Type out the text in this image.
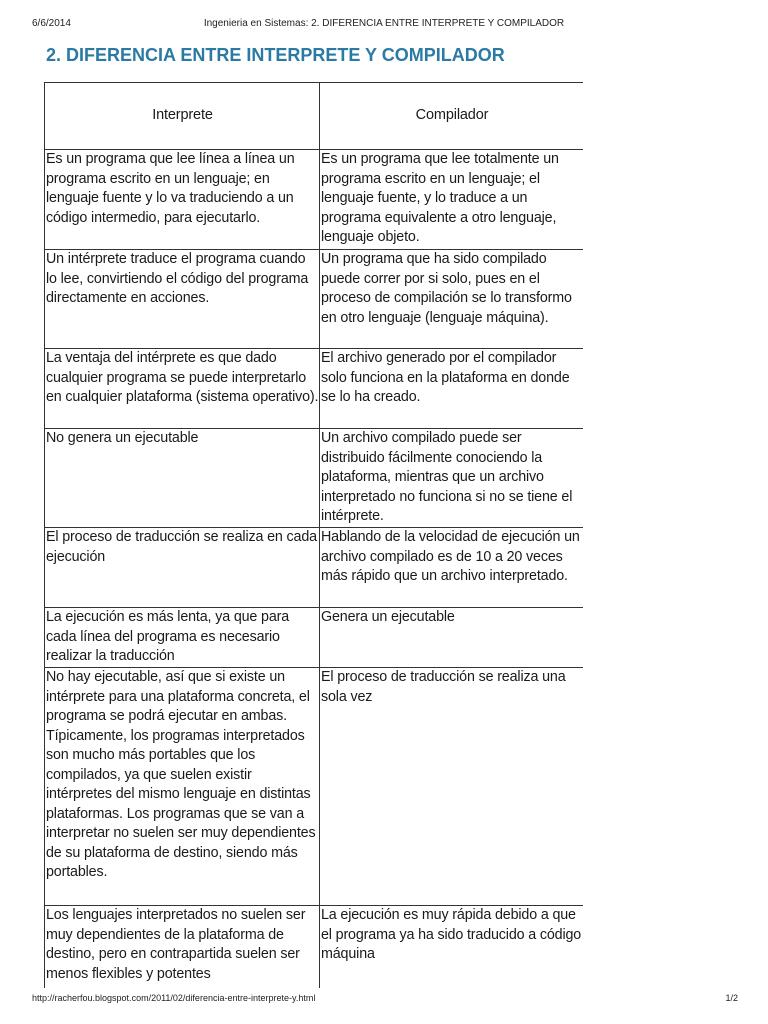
6/6/2014	Ingenieria en Sistemas: 2. DIFERENCIA ENTRE INTERPRETE Y COMPILADOR
2. DIFERENCIA ENTRE INTERPRETE Y COMPILADOR
Interprete	Compilador
Es un programa que lee línea a línea un programa escrito en un lenguaje; en lenguaje fuente y lo va traduciendo a un código intermedio, para ejecutarlo.	Es un programa que lee totalmente un programa escrito en un lenguaje; el lenguaje fuente, y lo traduce a un programa equivalente a otro lenguaje, lenguaje objeto.
Un intérprete traduce el programa cuando lo lee, convirtiendo el código del programa directamente en acciones.	Un programa que ha sido compilado puede correr por si solo, pues en el proceso de compilación se lo transformo en otro lenguaje (lenguaje máquina).
La ventaja del intérprete es que dado cualquier programa se puede interpretarlo en cualquier plataforma (sistema operativo).	El archivo generado por el compilador solo funciona en la plataforma en donde se lo ha creado.
No genera un ejecutable	Un archivo compilado puede ser distribuido fácilmente conociendo la plataforma, mientras que un archivo interpretado no funciona si no se tiene el intérprete.
El proceso de traducción se realiza en cada ejecución	Hablando de la velocidad de ejecución un archivo compilado es de 10 a 20 veces más rápido que un archivo interpretado.
La ejecución es más lenta, ya que para cada línea del programa es necesario realizar la traducción	Genera un ejecutable
No hay ejecutable, así que si existe un intérprete para una plataforma concreta, el programa se podrá ejecutar en ambas. Típicamente, los programas interpretados son mucho más portables que los compilados, ya que suelen existir intérpretes del mismo lenguaje en distintas plataformas. Los programas que se van a interpretar no suelen ser muy dependientes de su plataforma de destino, siendo más portables.	El proceso de traducción se realiza una sola vez
Los lenguajes interpretados no suelen ser muy dependientes de la plataforma de destino, pero en contrapartida suelen ser menos flexibles y potentes	La ejecución es muy rápida debido a que el programa ya ha sido traducido a código máquina
http://racherfou.blogspot.com/2011/02/diferencia-entre-interprete-y.html	1/2
